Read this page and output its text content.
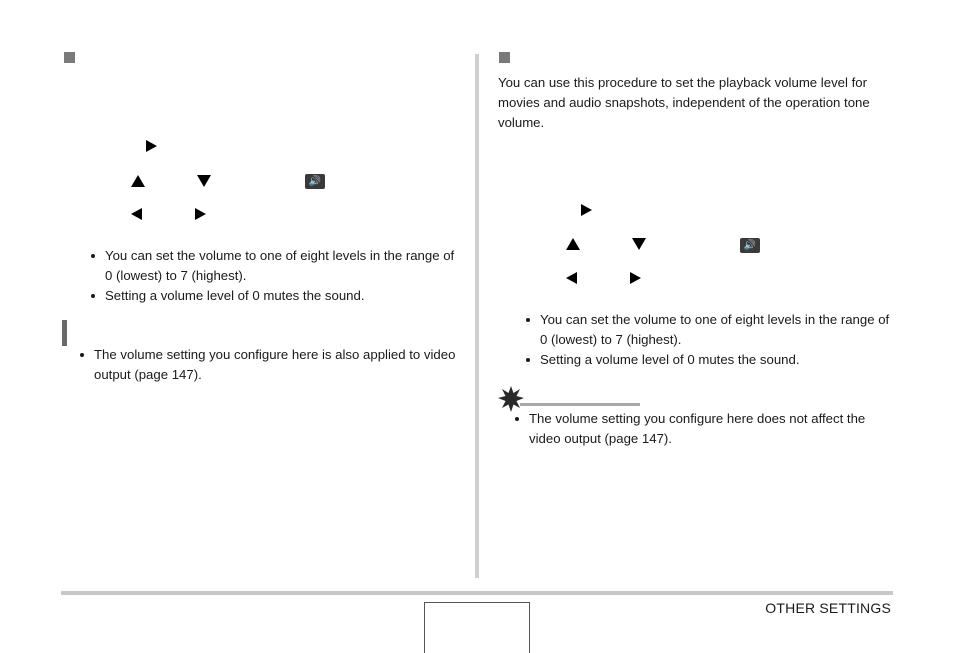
🔊
You can set the volume to one of eight levels in the range of 0 (lowest) to 7 (highest).
Setting a volume level of 0 mutes the sound.
The volume setting you configure here is also applied to video output (page 147).
You can use this procedure to set the playback volume level for movies and audio snapshots, independent of the operation tone volume.
🔊
You can set the volume to one of eight levels in the range of 0 (lowest) to 7 (highest).
Setting a volume level of 0 mutes the sound.
The volume setting you configure here does not affect the video output (page 147).
OTHER SETTINGS
